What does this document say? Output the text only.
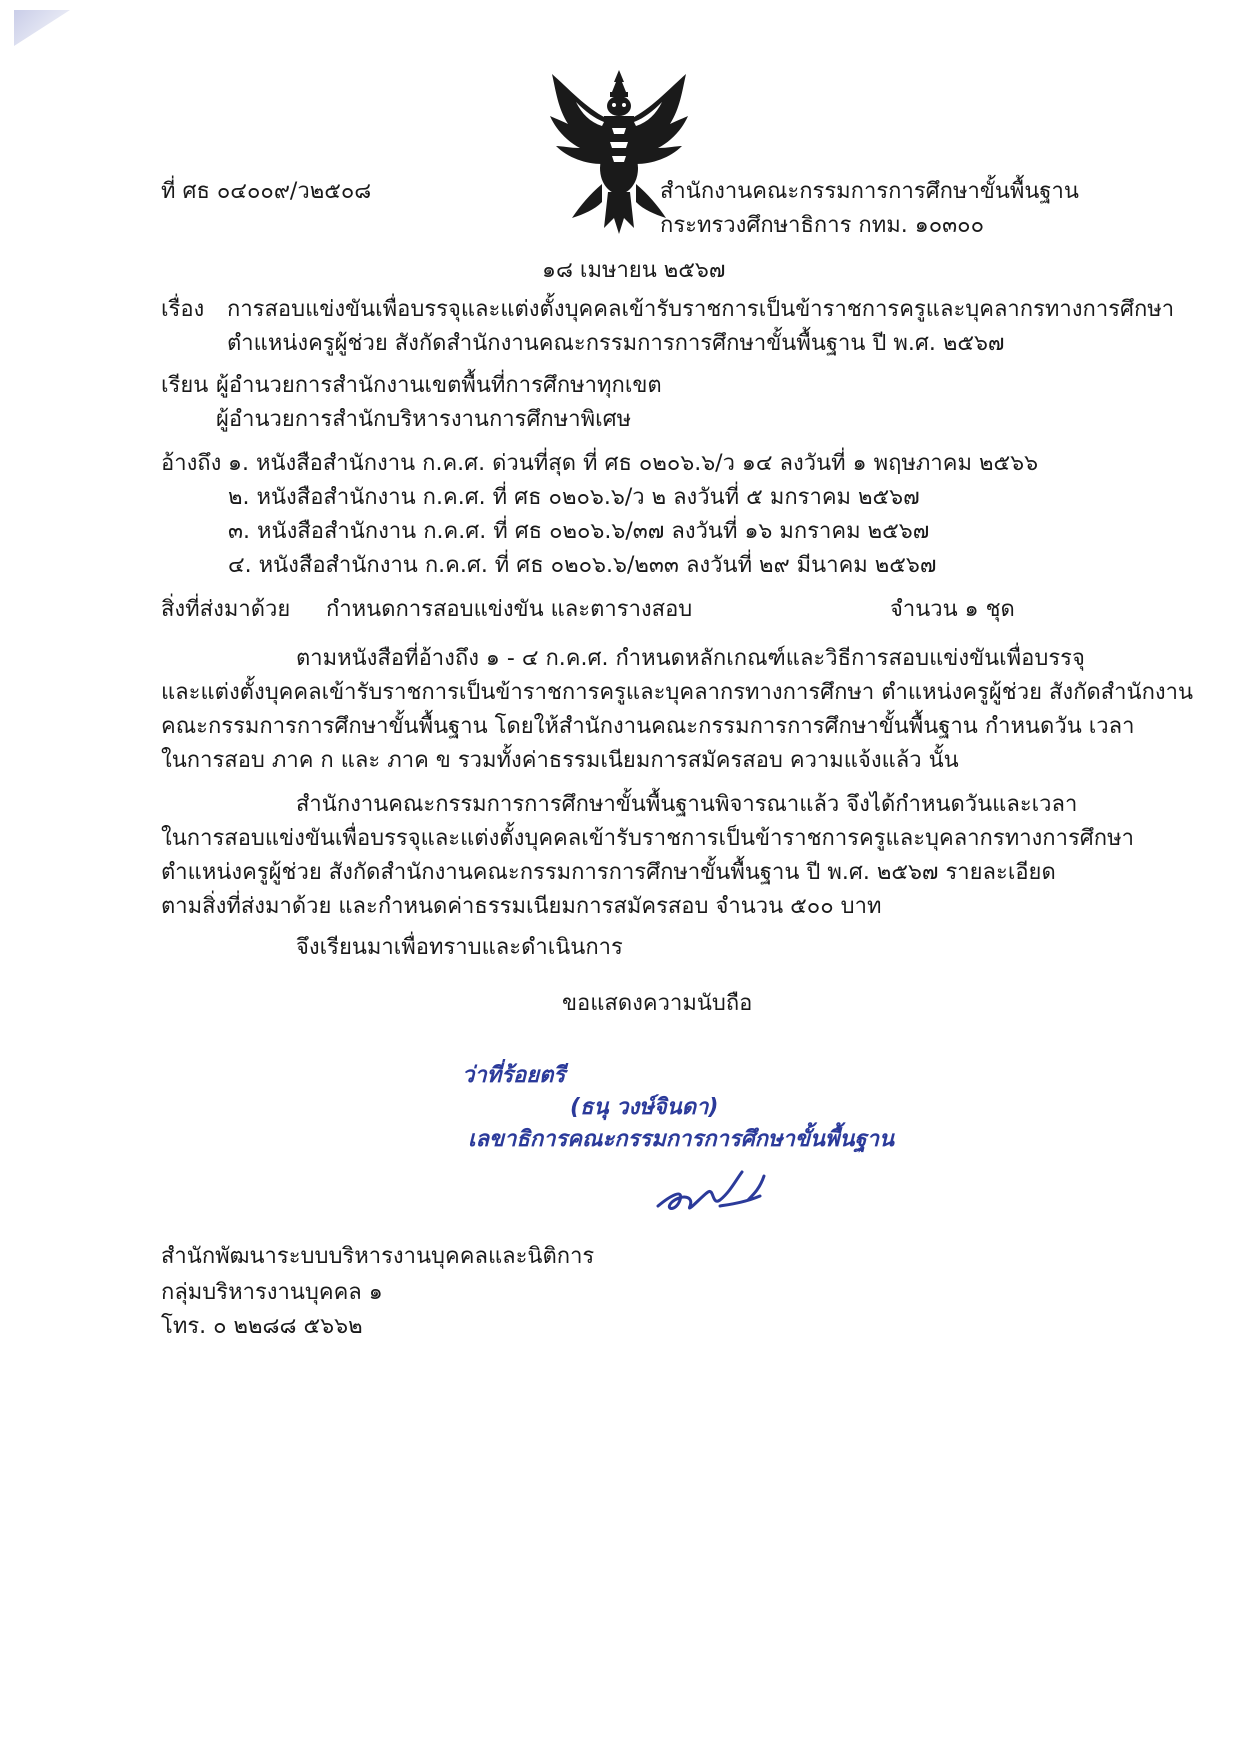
ที่ ศธ ๐๔๐๐๙/ว๒๕๐๘	สำนักงานคณะกรรมการการศึกษาขั้นพื้นฐาน
กระทรวงศึกษาธิการ กทม. ๑๐๓๐๐
๑๘ เมษายน ๒๕๖๗
เรื่อง การสอบแข่งขันเพื่อบรรจุและแต่งตั้งบุคคลเข้ารับราชการเป็นข้าราชการครูและบุคลากรทางการศึกษา
ตำแหน่งครูผู้ช่วย สังกัดสำนักงานคณะกรรมการการศึกษาขั้นพื้นฐาน ปี พ.ศ. ๒๕๖๗
เรียน ผู้อำนวยการสำนักงานเขตพื้นที่การศึกษาทุกเขต
ผู้อำนวยการสำนักบริหารงานการศึกษาพิเศษ
อ้างถึง ๑. หนังสือสำนักงาน ก.ค.ศ. ด่วนที่สุด ที่ ศธ ๐๒๐๖.๖/ว ๑๔ ลงวันที่ ๑ พฤษภาคม ๒๕๖๖
๒. หนังสือสำนักงาน ก.ค.ศ. ที่ ศธ ๐๒๐๖.๖/ว ๒ ลงวันที่ ๕ มกราคม ๒๕๖๗
๓. หนังสือสำนักงาน ก.ค.ศ. ที่ ศธ ๐๒๐๖.๖/๓๗ ลงวันที่ ๑๖ มกราคม ๒๕๖๗
๔. หนังสือสำนักงาน ก.ค.ศ. ที่ ศธ ๐๒๐๖.๖/๒๓๓ ลงวันที่ ๒๙ มีนาคม ๒๕๖๗
สิ่งที่ส่งมาด้วย กำหนดการสอบแข่งขัน และตารางสอบ	จำนวน ๑ ชุด
ตามหนังสือที่อ้างถึง ๑ - ๔ ก.ค.ศ. กำหนดหลักเกณฑ์และวิธีการสอบแข่งขันเพื่อบรรจุ
และแต่งตั้งบุคคลเข้ารับราชการเป็นข้าราชการครูและบุคลากรทางการศึกษา ตำแหน่งครูผู้ช่วย สังกัดสำนักงาน
คณะกรรมการการศึกษาขั้นพื้นฐาน โดยให้สำนักงานคณะกรรมการการศึกษาขั้นพื้นฐาน กำหนดวัน เวลา
ในการสอบ ภาค ก และ ภาค ข รวมทั้งค่าธรรมเนียมการสมัครสอบ ความแจ้งแล้ว นั้น
สำนักงานคณะกรรมการการศึกษาขั้นพื้นฐานพิจารณาแล้ว จึงได้กำหนดวันและเวลา
ในการสอบแข่งขันเพื่อบรรจุและแต่งตั้งบุคคลเข้ารับราชการเป็นข้าราชการครูและบุคลากรทางการศึกษา
ตำแหน่งครูผู้ช่วย สังกัดสำนักงานคณะกรรมการการศึกษาขั้นพื้นฐาน ปี พ.ศ. ๒๕๖๗ รายละเอียด
ตามสิ่งที่ส่งมาด้วย และกำหนดค่าธรรมเนียมการสมัครสอบ จำนวน ๕๐๐ บาท
จึงเรียนมาเพื่อทราบและดำเนินการ
ขอแสดงความนับถือ
ว่าที่ร้อยตรี
(ธนุ วงษ์จินดา)
เลขาธิการคณะกรรมการการศึกษาขั้นพื้นฐาน
สำนักพัฒนาระบบบริหารงานบุคคลและนิติการ
กลุ่มบริหารงานบุคคล ๑
โทร. ๐ ๒๒๘๘ ๕๖๖๒
